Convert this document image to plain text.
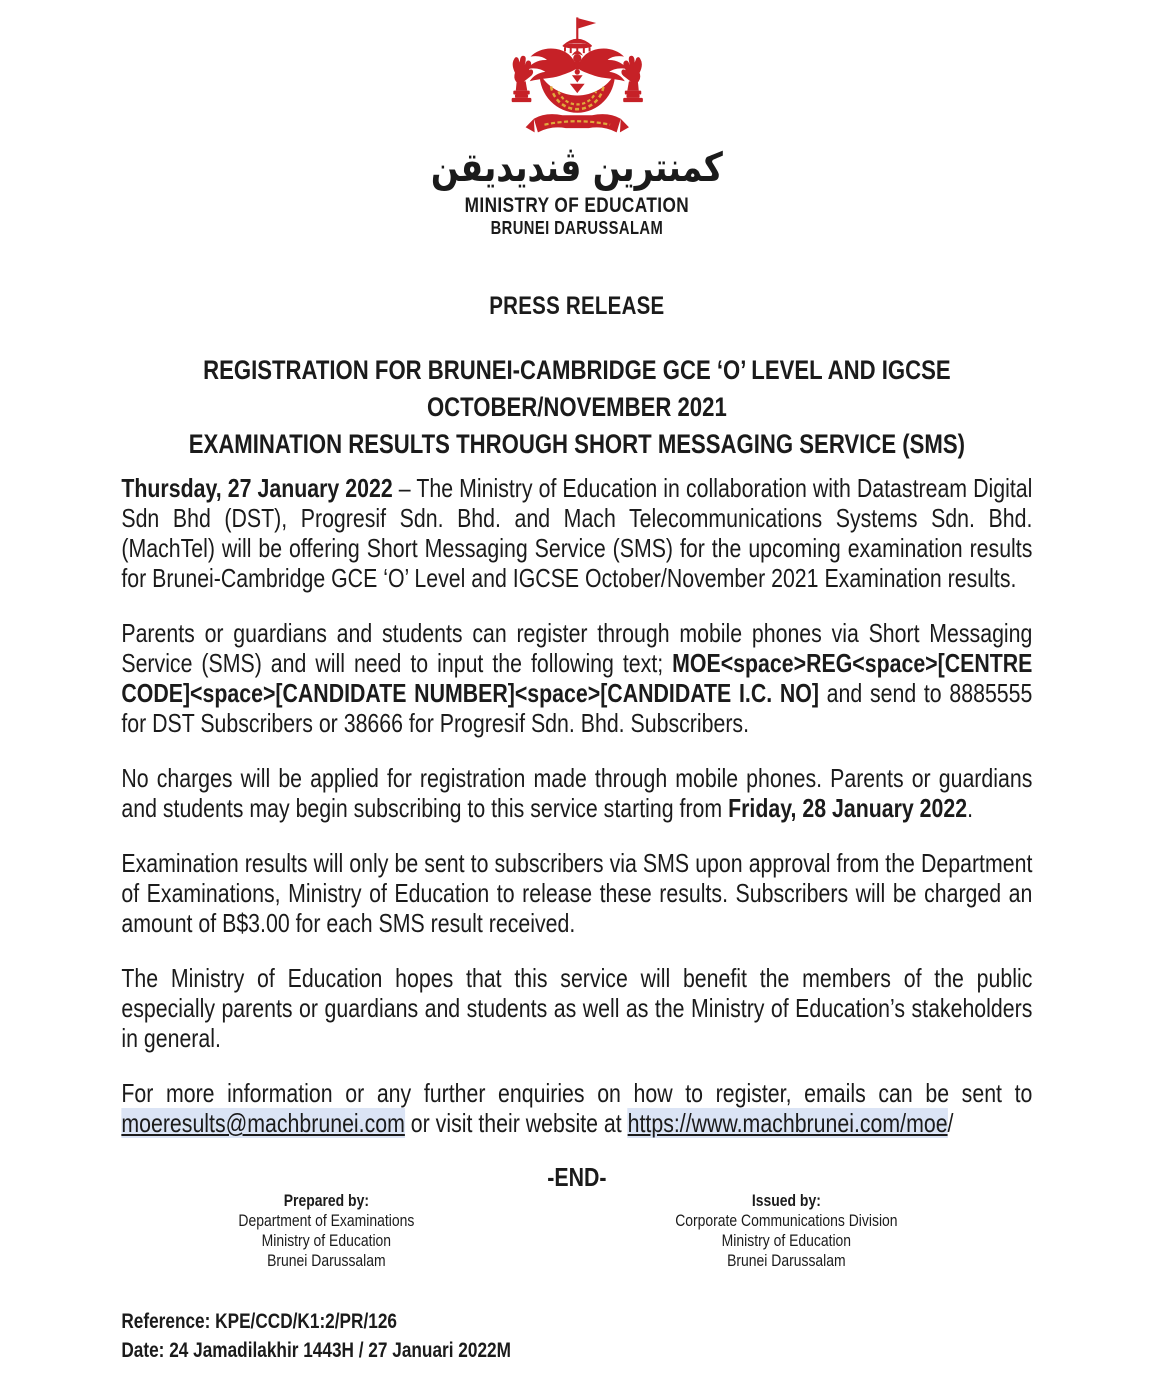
كمنترين ڤنديديقن
MINISTRY OF EDUCATION
BRUNEI DARUSSALAM
PRESS RELEASE
REGISTRATION FOR BRUNEI-CAMBRIDGE GCE ‘O’ LEVEL AND IGCSE OCTOBER/NOVEMBER 2021
EXAMINATION RESULTS THROUGH SHORT MESSAGING SERVICE (SMS)

Thursday, 27 January 2022 – The Ministry of Education in collaboration with Datastream Digital Sdn Bhd (DST), Progresif Sdn. Bhd. and Mach Telecommunications Systems Sdn. Bhd. (MachTel) will be offering Short Messaging Service (SMS) for the upcoming examination results for Brunei-Cambridge GCE ‘O’ Level and IGCSE October/November 2021 Examination results.

Parents or guardians and students can register through mobile phones via Short Messaging Service (SMS) and will need to input the following text; MOE<space>REG<space>[CENTRE CODE]<space>[CANDIDATE NUMBER]<space>[CANDIDATE I.C. NO] and send to 8885555 for DST Subscribers or 38666 for Progresif Sdn. Bhd. Subscribers.

No charges will be applied for registration made through mobile phones. Parents or guardians and students may begin subscribing to this service starting from Friday, 28 January 2022.

Examination results will only be sent to subscribers via SMS upon approval from the Department of Examinations, Ministry of Education to release these results. Subscribers will be charged an amount of B$3.00 for each SMS result received.

The Ministry of Education hopes that this service will benefit the members of the public especially parents or guardians and students as well as the Ministry of Education’s stakeholders in general.

For more information or any further enquiries on how to register, emails can be sent to moeresults@machbrunei.com or visit their website at https://www.machbrunei.com/moe/

-END-
Prepared by:
Department of Examinations
Ministry of Education
Brunei Darussalam
Issued by:
Corporate Communications Division
Ministry of Education
Brunei Darussalam
Reference: KPE/CCD/K1:2/PR/126
Date: 24 Jamadilakhir 1443H / 27 Januari 2022M
